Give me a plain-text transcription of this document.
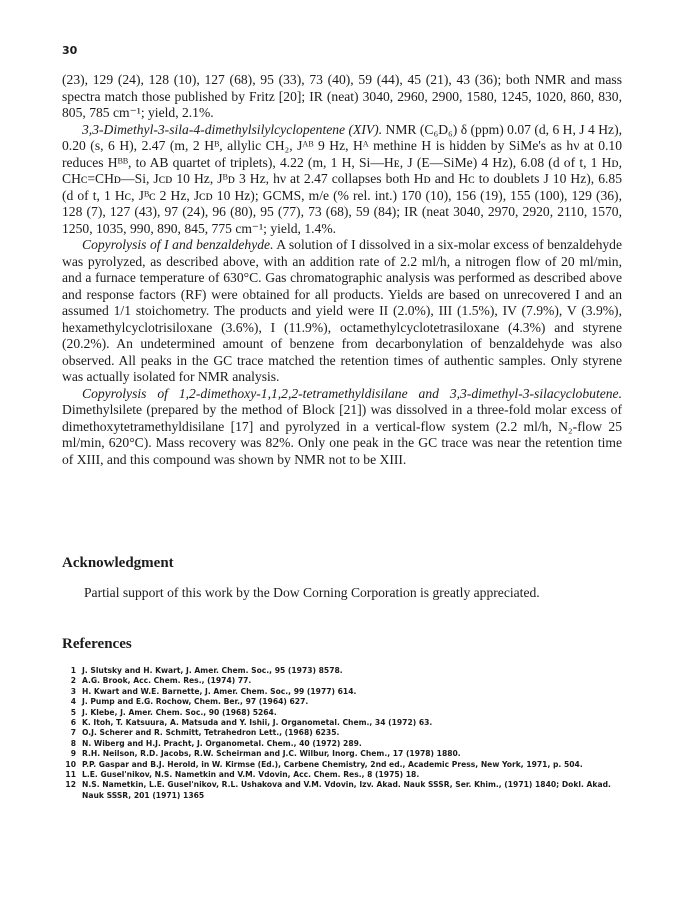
30

(23), 129 (24), 128 (10), 127 (68), 95 (33), 73 (40), 59 (44), 45 (21), 43 (36); both NMR and mass spectra match those published by Fritz [20]; IR (neat) 3040, 2960, 2900, 1580, 1245, 1020, 860, 830, 805, 785 cm⁻¹; yield, 2.1%.

3,3-Dimethyl-3-sila-4-dimethylsilylcyclopentene (XIV). NMR (C₆D₆) δ (ppm) 0.07 (d, 6 H, J 4 Hz), 0.20 (s, 6 H), 2.47 (m, 2 Hᴮ, allylic CH₂, Jᴬᴮ 9 Hz, Hᴬ methine H is hidden by SiMe's as hν at 0.10 reduces Hᴮᴮ, to AB quartet of triplets), 4.22 (m, 1 H, Si—Hᴇ, J (E—SiMe) 4 Hz), 6.08 (d of t, 1 Hᴅ, CHᴄ=CHᴅ—Si, Jᴄᴅ 10 Hz, Jᴮᴅ 3 Hz, hν at 2.47 collapses both Hᴅ and Hᴄ to doublets J 10 Hz), 6.85 (d of t, 1 Hᴄ, Jᴮᴄ 2 Hz, Jᴄᴅ 10 Hz); GCMS, m/e (% rel. int.) 170 (10), 156 (19), 155 (100), 129 (36), 128 (7), 127 (43), 97 (24), 96 (80), 95 (77), 73 (68), 59 (84); IR (neat 3040, 2970, 2920, 2110, 1570, 1250, 1035, 990, 890, 845, 775 cm⁻¹; yield, 1.4%.

Copyrolysis of I and benzaldehyde. A solution of I dissolved in a six-molar excess of benzaldehyde was pyrolyzed, as described above, with an addition rate of 2.2 ml/h, a nitrogen flow of 20 ml/min, and a furnace temperature of 630°C. Gas chromatographic analysis was performed as described above and response factors (RF) were obtained for all products. Yields are based on unrecovered I and an assumed 1/1 stoichometry. The products and yield were II (2.0%), III (1.5%), IV (7.9%), V (3.9%), hexamethylcyclotrisiloxane (3.6%), I (11.9%), octamethylcyclotetrasiloxane (4.3%) and styrene (20.2%). An undetermined amount of benzene from decarbonylation of benzaldehyde was also observed. All peaks in the GC trace matched the retention times of authentic samples. Only styrene was actually isolated for NMR analysis.

Copyrolysis of 1,2-dimethoxy-1,1,2,2-tetramethyldisilane and 3,3-dimethyl-3-silacyclobutene. Dimethylsilete (prepared by the method of Block [21]) was dissolved in a three-fold molar excess of dimethoxytetramethyldisilane [17] and pyrolyzed in a vertical-flow system (2.2 ml/h, N₂-flow 25 ml/min, 620°C). Mass recovery was 82%. Only one peak in the GC trace was near the retention time of XIII, and this compound was shown by NMR not to be XIII.

Acknowledgment

Partial support of this work by the Dow Corning Corporation is greatly appreciated.

References
1 J. Slutsky and H. Kwart, J. Amer. Chem. Soc., 95 (1973) 8578.
2 A.G. Brook, Acc. Chem. Res., (1974) 77.
3 H. Kwart and W.E. Barnette, J. Amer. Chem. Soc., 99 (1977) 614.
4 J. Pump and E.G. Rochow, Chem. Ber., 97 (1964) 627.
5 J. Klebe, J. Amer. Chem. Soc., 90 (1968) 5264.
6 K. Itoh, T. Katsuura, A. Matsuda and Y. Ishii, J. Organometal. Chem., 34 (1972) 63.
7 O.J. Scherer and R. Schmitt, Tetrahedron Lett., (1968) 6235.
8 N. Wiberg and H.J. Pracht, J. Organometal. Chem., 40 (1972) 289.
9 R.H. Neilson, R.D. Jacobs, R.W. Scheirman and J.C. Wilbur, Inorg. Chem., 17 (1978) 1880.
10 P.P. Gaspar and B.J. Herold, in W. Kirmse (Ed.), Carbene Chemistry, 2nd ed., Academic Press, New York, 1971, p. 504.
11 L.E. Gusel'nikov, N.S. Nametkin and V.M. Vdovin, Acc. Chem. Res., 8 (1975) 18.
12 N.S. Nametkin, L.E. Gusel'nikov, R.L. Ushakova and V.M. Vdovin, Izv. Akad. Nauk SSSR, Ser. Khim., (1971) 1840; Dokl. Akad. Nauk SSSR, 201 (1971) 1365
